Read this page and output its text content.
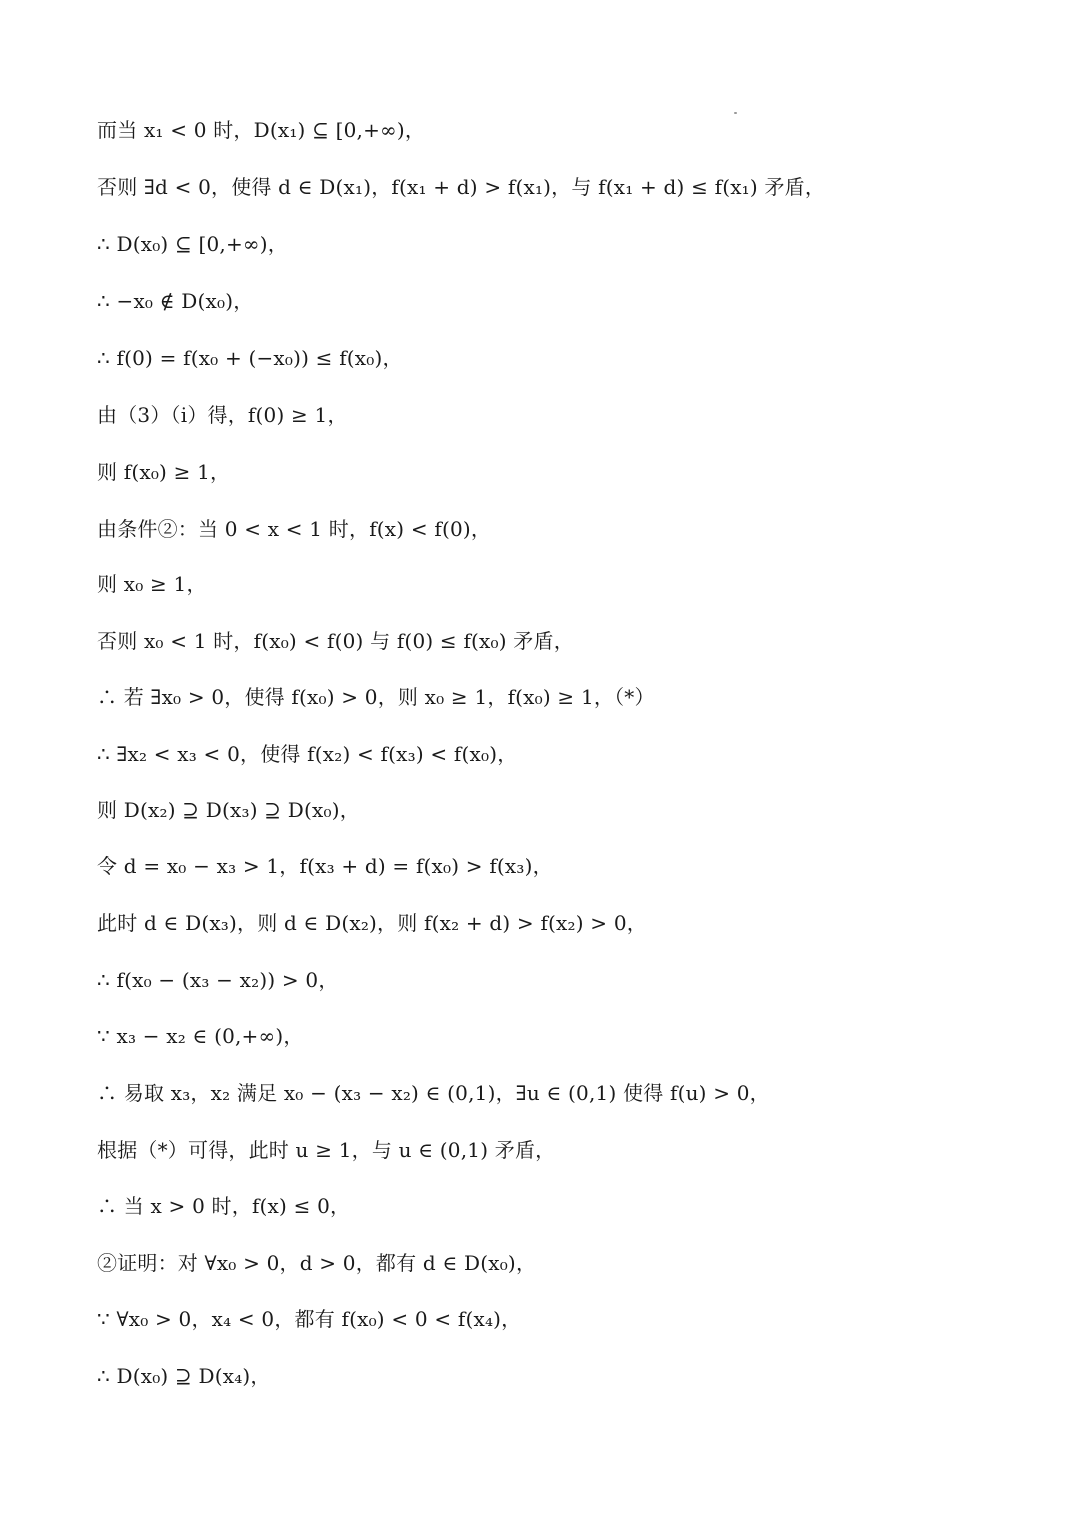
而当 x₁ < 0 时，D(x₁) ⊆ [0,+∞)，
否则 ∃d < 0，使得 d ∈ D(x₁)，f(x₁ + d) > f(x₁)，与 f(x₁ + d) ≤ f(x₁) 矛盾，
∴ D(x₀) ⊆ [0,+∞)，
∴ −x₀ ∉ D(x₀)，
∴ f(0) = f(x₀ + (−x₀)) ≤ f(x₀)，
由（3）（i）得，f(0) ≥ 1，
则 f(x₀) ≥ 1，
由条件②：当 0 < x < 1 时，f(x) < f(0)，
则 x₀ ≥ 1，
否则 x₀ < 1 时，f(x₀) < f(0) 与 f(0) ≤ f(x₀) 矛盾，
∴ 若 ∃x₀ > 0，使得 f(x₀) > 0，则 x₀ ≥ 1，f(x₀) ≥ 1，（*）
∴ ∃x₂ < x₃ < 0，使得 f(x₂) < f(x₃) < f(x₀)，
则 D(x₂) ⊇ D(x₃) ⊇ D(x₀)，
令 d = x₀ − x₃ > 1，f(x₃ + d) = f(x₀) > f(x₃)，
此时 d ∈ D(x₃)，则 d ∈ D(x₂)，则 f(x₂ + d) > f(x₂) > 0，
∴ f(x₀ − (x₃ − x₂)) > 0，
∵ x₃ − x₂ ∈ (0,+∞)，
∴ 易取 x₃，x₂ 满足 x₀ − (x₃ − x₂) ∈ (0,1)，∃u ∈ (0,1) 使得 f(u) > 0，
根据（*）可得，此时 u ≥ 1，与 u ∈ (0,1) 矛盾，
∴ 当 x > 0 时，f(x) ≤ 0，
②证明：对 ∀x₀ > 0，d > 0，都有 d ∈ D(x₀)，
∵ ∀x₀ > 0，x₄ < 0，都有 f(x₀) < 0 < f(x₄)，
∴ D(x₀) ⊇ D(x₄)，
